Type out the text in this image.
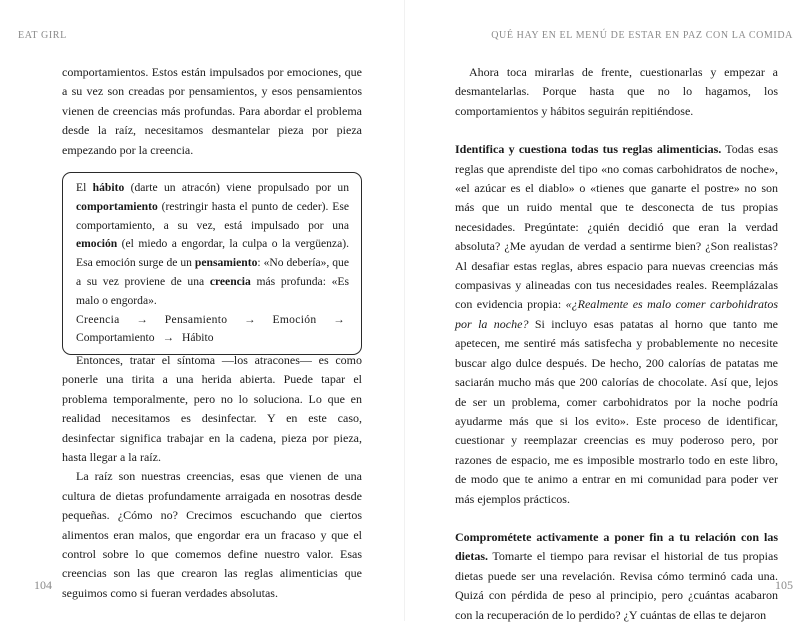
EAT GIRL

comportamientos. Estos están impulsados por emociones, que a su vez son creadas por pensamientos, y esos pensamientos vienen de creencias más profundas. Para abordar el problema desde la raíz, necesitamos desmantelar pieza por pieza empezando por la creencia.

El hábito (darte un atracón) viene propulsado por un comportamiento (restringir hasta el punto de ceder). Ese comportamiento, a su vez, está impulsado por una emoción (el miedo a engordar, la culpa o la vergüenza). Esa emoción surge de un pensamiento: «No debería», que a su vez proviene de una creencia más profunda: «Es malo o engorda».

Creencia → Pensamiento → Emoción →

Comportamiento → Hábito

Entonces, tratar el síntoma —los atracones— es como ponerle una tirita a una herida abierta. Puede tapar el problema temporalmente, pero no lo soluciona. Lo que en realidad necesitamos es desinfectar. Y en este caso, desinfectar significa trabajar en la cadena, pieza por pieza, hasta llegar a la raíz.

La raíz son nuestras creencias, esas que vienen de una cultura de dietas profundamente arraigada en nosotras desde pequeñas. ¿Cómo no? Crecimos escuchando que ciertos alimentos eran malos, que engordar era un fracaso y que el control sobre lo que comemos define nuestro valor. Esas creencias son las que crearon las reglas alimenticias que seguimos como si fueran verdades absolutas.

104
QUÉ HAY EN EL MENÚ DE ESTAR EN PAZ CON LA COMIDA

Ahora toca mirarlas de frente, cuestionarlas y empezar a desmantelarlas. Porque hasta que no lo hagamos, los comportamientos y hábitos seguirán repitiéndose.

Identifica y cuestiona todas tus reglas alimenticias. Todas esas reglas que aprendiste del tipo «no comas carbohidratos de noche», «el azúcar es el diablo» o «tienes que ganarte el postre» no son más que un ruido mental que te desconecta de tus propias necesidades. Pregúntate: ¿quién decidió que eran la verdad absoluta? ¿Me ayudan de verdad a sentirme bien? ¿Son realistas? Al desafiar estas reglas, abres espacio para nuevas creencias más compasivas y alineadas con tus necesidades reales. Reemplázalas con evidencia propia: «¿Realmente es malo comer carbohidratos por la noche? Si incluyo esas patatas al horno que tanto me apetecen, me sentiré más satisfecha y probablemente no necesite buscar algo dulce después. De hecho, 200 calorías de patatas me saciarán mucho más que 200 calorías de chocolate. Así que, lejos de ser un problema, comer carbohidratos por la noche podría ayudarme más que si los evito». Este proceso de identificar, cuestionar y reemplazar creencias es muy poderoso pero, por razones de espacio, me es imposible mostrarlo todo en este libro, de modo que te animo a entrar en mi comunidad para poder ver más ejemplos prácticos.

Comprométete activamente a poner fin a tu relación con las dietas. Tomarte el tiempo para revisar el historial de tus propias dietas puede ser una revelación. Revisa cómo terminó cada una. Quizá con pérdida de peso al principio, pero ¿cuántas acabaron con la recuperación de lo perdido? ¿Y cuántas de ellas te dejaron

105
